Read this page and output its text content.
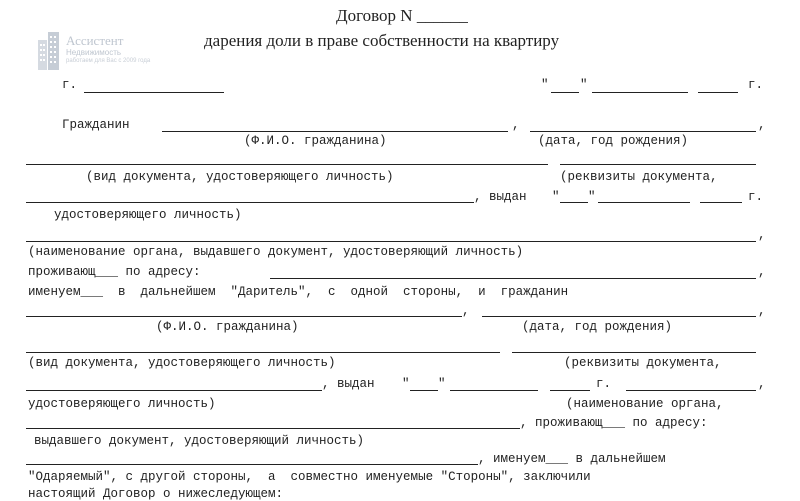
Ассистент
Недвижимость
работаем для Вас с 2009 года
Договор N ______
дарения доли в праве собственности на квартиру
г.	"	"	г.
Гражданин	,	,
(Ф.И.О. гражданина)	(дата, год рождения)
(вид документа, удостоверяющего личность)	(реквизиты документа,
, выдан " "	г.
удостоверяющего личность)
,
(наименование органа, выдавшего документ, удостоверяющий личность)
проживающ___ по адресу:	,
именуем___  в  дальнейшем  "Даритель",  с  одной  стороны,  и  гражданин
,	,
(Ф.И.О. гражданина)	(дата, год рождения)
(вид документа, удостоверяющего личность)	(реквизиты документа,
, выдан " "	г.	,
удостоверяющего личность)	(наименование органа,
, проживающ___ по адресу:
выдавшего документ, удостоверяющий личность)
, именуем___ в дальнейшем
"Одаряемый", с другой стороны,  а  совместно именуемые "Стороны", заключили
настоящий Договор о нижеследующем:
